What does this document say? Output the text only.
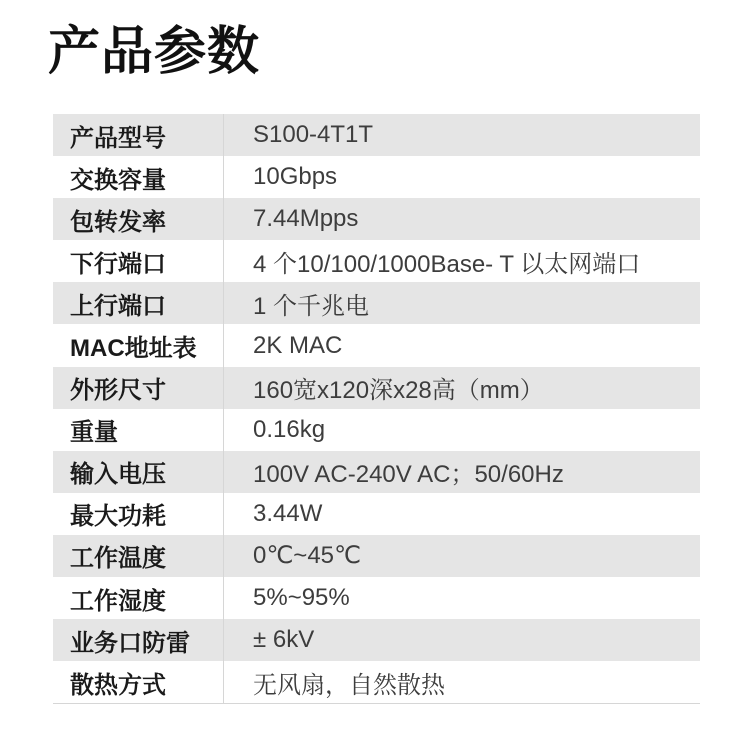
产品参数
产品型号	S100-4T1T
交换容量	10Gbps
包转发率	7.44Mpps
下行端口	4 个10/100/1000Base- T 以太网端口
上行端口	1 个千兆电
MAC地址表	2K MAC
外形尺寸	160宽x120深x28高（mm）
重量	0.16kg
输入电压	100V AC-240V AC；50/60Hz
最大功耗	3.44W
工作温度	0℃~45℃
工作湿度	5%~95%
业务口防雷	± 6kV
散热方式	无风扇，自然散热
